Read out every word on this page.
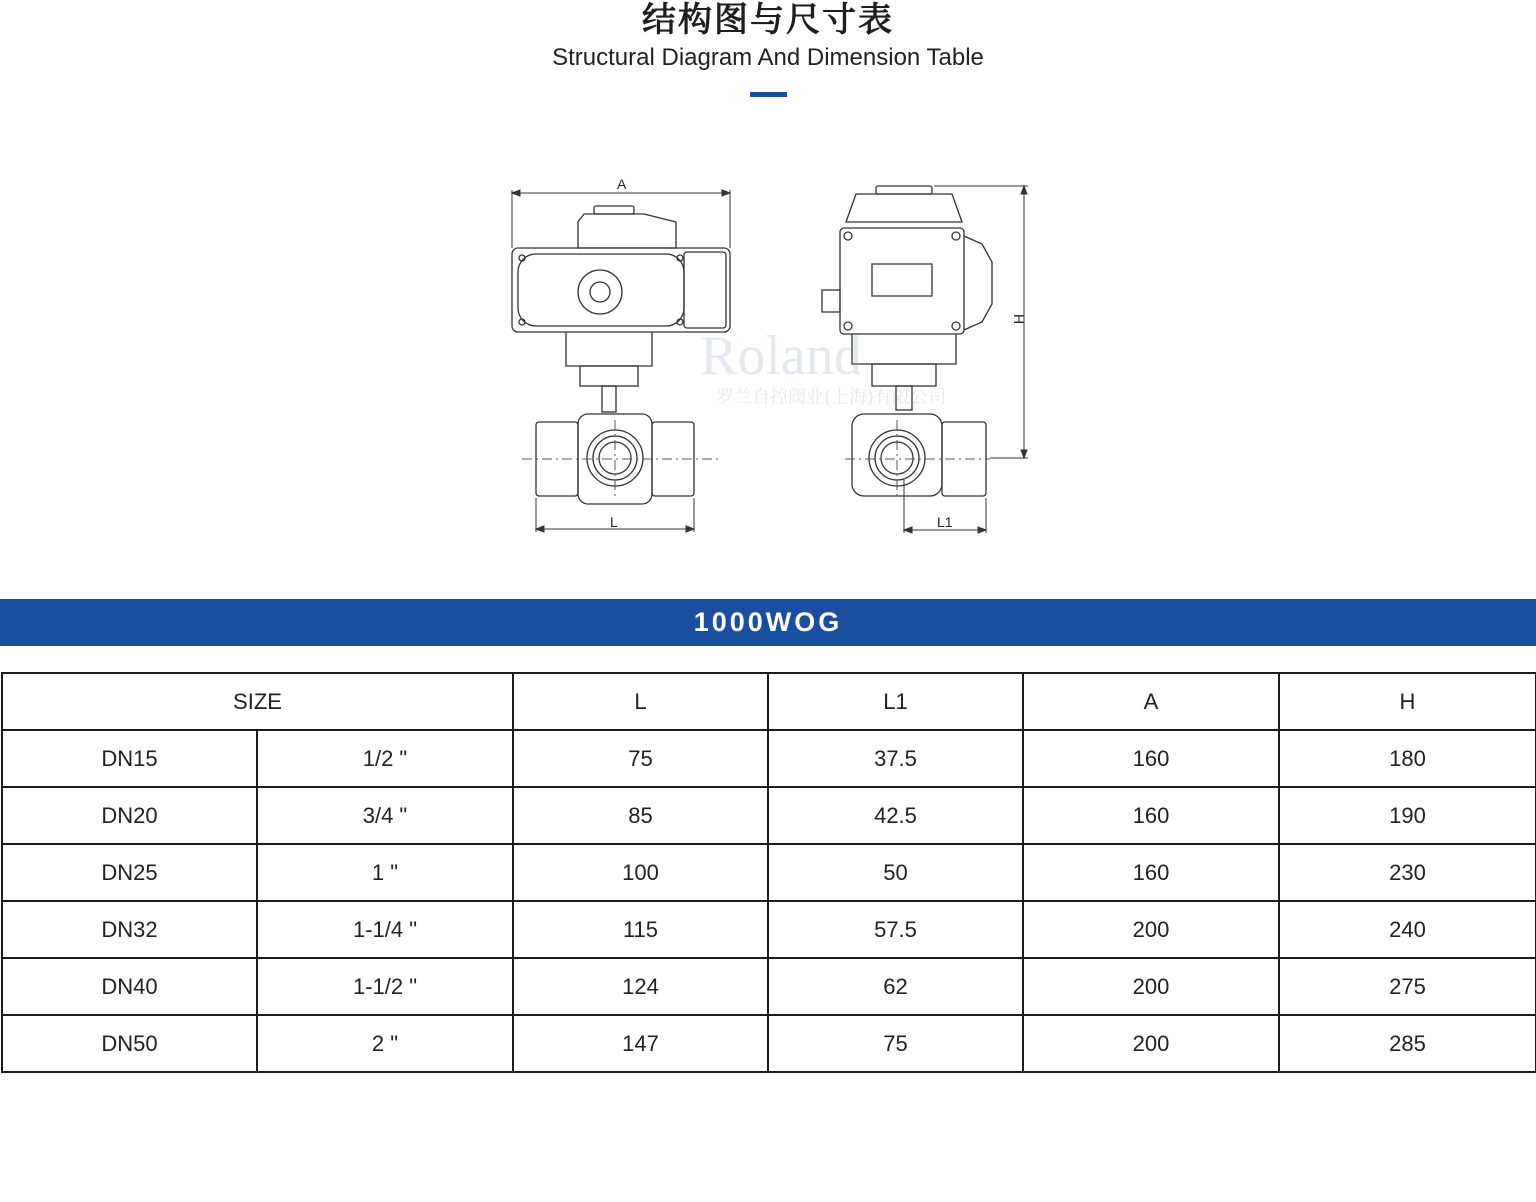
结构图与尺寸表
Structural Diagram And Dimension Table
A
L	L1
H
Roland
罗兰自控阀业(上海)有限公司
1000WOG
SIZE		L	L1	A	H
DN15	1/2 "	75	37.5	160	180
DN20	3/4 "	85	42.5	160	190
DN25	1 "	100	50	160	230
DN32	1-1/4 "	115	57.5	200	240
DN40	1-1/2 "	124	62	200	275
DN50	2 "	147	75	200	285
